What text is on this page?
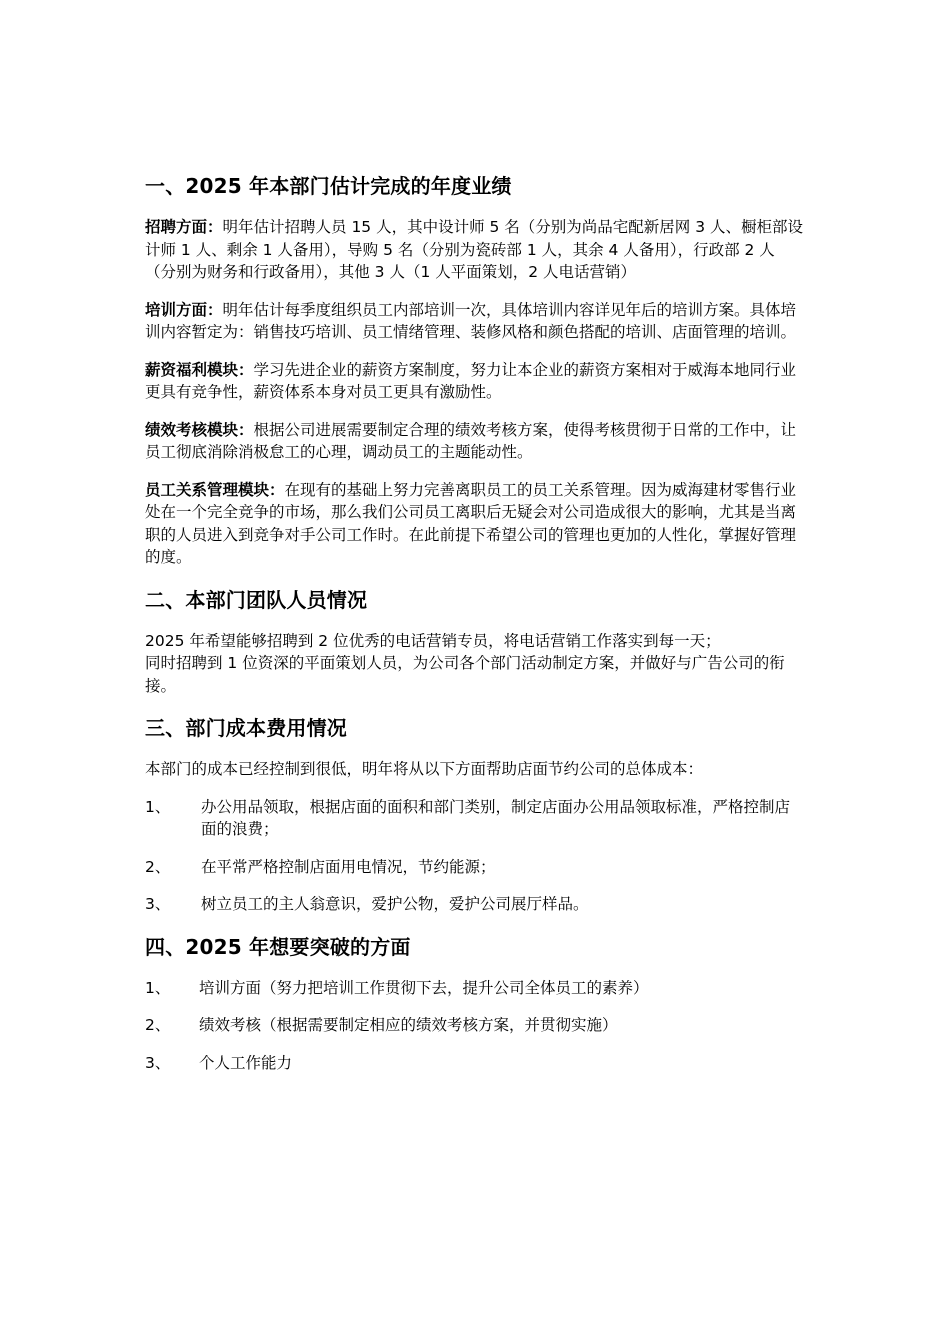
一、2025 年本部门估计完成的年度业绩

招聘方面：明年估计招聘人员 15 人，其中设计师 5 名（分别为尚品宅配新居网 3 人、橱柜部设计师 1 人、剩余 1 人备用），导购 5 名（分别为瓷砖部 1 人，其余 4 人备用），行政部 2 人（分别为财务和行政备用），其他 3 人（1 人平面策划，2 人电话营销）

培训方面：明年估计每季度组织员工内部培训一次，具体培训内容详见年后的培训方案。具体培训内容暂定为：销售技巧培训、员工情绪管理、装修风格和颜色搭配的培训、店面管理的培训。

薪资福利模块：学习先进企业的薪资方案制度，努力让本企业的薪资方案相对于威海本地同行业更具有竞争性，薪资体系本身对员工更具有激励性。

绩效考核模块：根据公司进展需要制定合理的绩效考核方案，使得考核贯彻于日常的工作中，让员工彻底消除消极怠工的心理，调动员工的主题能动性。

员工关系管理模块：在现有的基础上努力完善离职员工的员工关系管理。因为威海建材零售行业处在一个完全竞争的市场，那么我们公司员工离职后无疑会对公司造成很大的影响，尤其是当离职的人员进入到竞争对手公司工作时。在此前提下希望公司的管理也更加的人性化，掌握好管理的度。

二、本部门团队人员情况

2025 年希望能够招聘到 2 位优秀的电话营销专员，将电话营销工作落实到每一天；
同时招聘到 1 位资深的平面策划人员，为公司各个部门活动制定方案，并做好与广告公司的衔接。

三、部门成本费用情况

本部门的成本已经控制到很低，明年将从以下方面帮助店面节约公司的总体成本：

1、	办公用品领取，根据店面的面积和部门类别，制定店面办公用品领取标准，严格控制店面的浪费；
2、	在平常严格控制店面用电情况，节约能源；
3、	树立员工的主人翁意识，爱护公物，爱护公司展厅样品。
四、2025 年想要突破的方面
1、	培训方面（努力把培训工作贯彻下去，提升公司全体员工的素养）
2、	绩效考核（根据需要制定相应的绩效考核方案，并贯彻实施）
3、	个人工作能力
